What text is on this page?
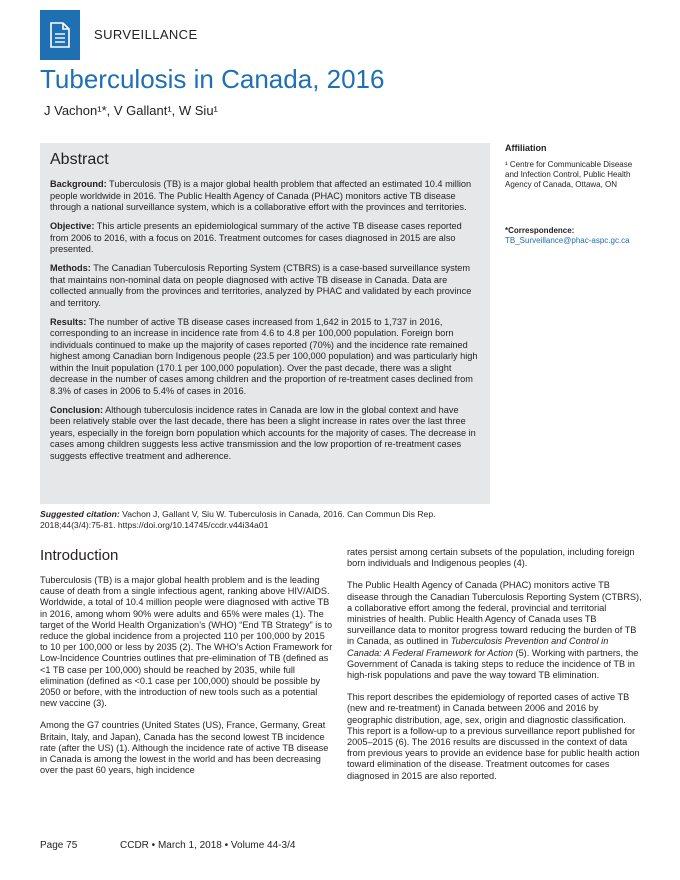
SURVEILLANCE
Tuberculosis in Canada, 2016
J Vachon¹*, V Gallant¹, W Siu¹
Abstract

Background: Tuberculosis (TB) is a major global health problem that affected an estimated 10.4 million people worldwide in 2016. The Public Health Agency of Canada (PHAC) monitors active TB disease through a national surveillance system, which is a collaborative effort with the provinces and territories.

Objective: This article presents an epidemiological summary of the active TB disease cases reported from 2006 to 2016, with a focus on 2016. Treatment outcomes for cases diagnosed in 2015 are also presented.

Methods: The Canadian Tuberculosis Reporting System (CTBRS) is a case-based surveillance system that maintains non-nominal data on people diagnosed with active TB disease in Canada. Data are collected annually from the provinces and territories, analyzed by PHAC and validated by each province and territory.

Results: The number of active TB disease cases increased from 1,642 in 2015 to 1,737 in 2016, corresponding to an increase in incidence rate from 4.6 to 4.8 per 100,000 population. Foreign born individuals continued to make up the majority of cases reported (70%) and the incidence rate remained highest among Canadian born Indigenous people (23.5 per 100,000 population) and was particularly high within the Inuit population (170.1 per 100,000 population). Over the past decade, there was a slight decrease in the number of cases among children and the proportion of re-treatment cases declined from 8.3% of cases in 2006 to 5.4% of cases in 2016.

Conclusion: Although tuberculosis incidence rates in Canada are low in the global context and have been relatively stable over the last decade, there has been a slight increase in rates over the last three years, especially in the foreign born population which accounts for the majority of cases. The decrease in cases among children suggests less active transmission and the low proportion of re-treatment cases suggests effective treatment and adherence.

Affiliation
¹ Centre for Communicable Disease and Infection Control, Public Health Agency of Canada, Ottawa, ON
*Correspondence: TB_Surveillance@phac-aspc.gc.ca
Suggested citation: Vachon J, Gallant V, Siu W. Tuberculosis in Canada, 2016. Can Commun Dis Rep. 2018;44(3/4):75-81. https://doi.org/10.14745/ccdr.v44i34a01
Introduction

Tuberculosis (TB) is a major global health problem and is the leading cause of death from a single infectious agent, ranking above HIV/AIDS. Worldwide, a total of 10.4 million people were diagnosed with active TB in 2016, among whom 90% were adults and 65% were males (1). The target of the World Health Organization’s (WHO) “End TB Strategy” is to reduce the global incidence from a projected 110 per 100,000 by 2015 to 10 per 100,000 or less by 2035 (2). The WHO’s Action Framework for Low-Incidence Countries outlines that pre-elimination of TB (defined as <1 TB case per 100,000) should be reached by 2035, while full elimination (defined as <0.1 case per 100,000) should be possible by 2050 or before, with the introduction of new tools such as a potential new vaccine (3).

Among the G7 countries (United States (US), France, Germany, Great Britain, Italy, and Japan), Canada has the second lowest TB incidence rate (after the US) (1). Although the incidence rate of active TB disease in Canada is among the lowest in the world and has been decreasing over the past 60 years, high incidence

rates persist among certain subsets of the population, including foreign born individuals and Indigenous peoples (4).

The Public Health Agency of Canada (PHAC) monitors active TB disease through the Canadian Tuberculosis Reporting System (CTBRS), a collaborative effort among the federal, provincial and territorial ministries of health. Public Health Agency of Canada uses TB surveillance data to monitor progress toward reducing the burden of TB in Canada, as outlined in Tuberculosis Prevention and Control in Canada: A Federal Framework for Action (5). Working with partners, the Government of Canada is taking steps to reduce the incidence of TB in high-risk populations and pave the way toward TB elimination.

This report describes the epidemiology of reported cases of active TB (new and re-treatment) in Canada between 2006 and 2016 by geographic distribution, age, sex, origin and diagnostic classification. This report is a follow-up to a previous surveillance report published for 2005–2015 (6). The 2016 results are discussed in the context of data from previous years to provide an evidence base for public health action toward elimination of the disease. Treatment outcomes for cases diagnosed in 2015 are also reported.

Page 75	CCDR • March 1, 2018 • Volume 44-3/4
